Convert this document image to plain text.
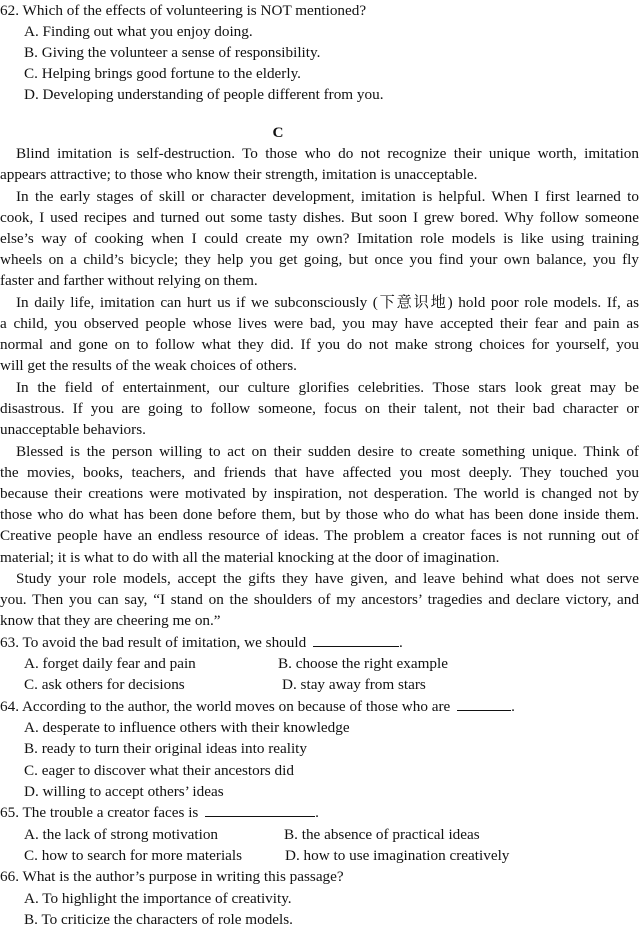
62. Which of the effects of volunteering is NOT mentioned?
A. Finding out what you enjoy doing.
B. Giving the volunteer a sense of responsibility.
C. Helping brings good fortune to the elderly.
D. Developing understanding of people different from you.
C
Blind imitation is self-destruction. To those who do not recognize their unique worth, imitation
appears attractive; to those who know their strength, imitation is unacceptable.
In the early stages of skill or character development, imitation is helpful. When I first learned to
cook, I used recipes and turned out some tasty dishes. But soon I grew bored. Why follow someone
else’s way of cooking when I could create my own? Imitation role models is like using training
wheels on a child’s bicycle; they help you get going, but once you find your own balance, you fly
faster and farther without relying on them.
In daily life, imitation can hurt us if we subconsciously (下意识地) hold poor role models. If, as
a child, you observed people whose lives were bad, you may have accepted their fear and pain as
normal and gone on to follow what they did. If you do not make strong choices for yourself, you
will get the results of the weak choices of others.
In the field of entertainment, our culture glorifies celebrities. Those stars look great may be
disastrous. If you are going to follow someone, focus on their talent, not their bad character or
unacceptable behaviors.
Blessed is the person willing to act on their sudden desire to create something unique. Think of
the movies, books, teachers, and friends that have affected you most deeply. They touched you
because their creations were motivated by inspiration, not desperation. The world is changed not by
those who do what has been done before them, but by those who do what has been done inside them.
Creative people have an endless resource of ideas. The problem a creator faces is not running out of
material; it is what to do with all the material knocking at the door of imagination.
Study your role models, accept the gifts they have given, and leave behind what does not serve
you. Then you can say, “I stand on the shoulders of my ancestors’ tragedies and declare victory, and
know that they are cheering me on.”
63. To avoid the bad result of imitation, we should	.
A. forget daily fear and pain	B. choose the right example
C. ask others for decisions	D. stay away from stars
64. According to the author, the world moves on because of those who are	.
A. desperate to influence others with their knowledge
B. ready to turn their original ideas into reality
C. eager to discover what their ancestors did
D. willing to accept others’ ideas
65. The trouble a creator faces is	.
A. the lack of strong motivation	B. the absence of practical ideas
C. how to search for more materials	D. how to use imagination creatively
66. What is the author’s purpose in writing this passage?
A. To highlight the importance of creativity.
B. To criticize the characters of role models.
